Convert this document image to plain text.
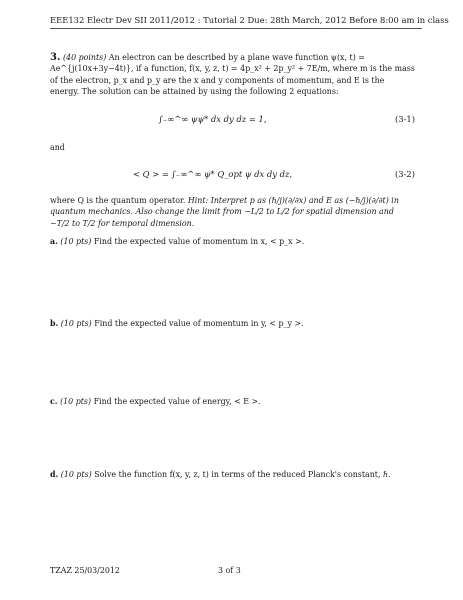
EEE132 Electr Dev SII 2011/2012 : Tutorial 2 Due: 28th March, 2012 Before 8:00 am in class

3. (40 points) An electron can be described by a plane wave function ψ(x, t) = Ae^{j(10x+3y−4t)}, if a function, f(x, y, z, t) = 4p_x² + 2p_y² + 7E/m, where m is the mass of the electron, p_x and p_y are the x and y components of momentum, and E is the energy. The solution can be attained by using the following 2 equations:

∫₋∞^∞ ψψ* dx dy dz = 1,	(3-1)

and

< Q > = ∫₋∞^∞ ψ* Q_opt ψ dx dy dz,	(3-2)

where Q is the quantum operator. Hint: Interpret p as (ℏ/j)(∂/∂x) and E as (−ℏ/j)(∂/∂t) in quantum mechanics. Also change the limit from −L/2 to L/2 for spatial dimension and −T/2 to T/2 for temporal dimension.

a. (10 pts) Find the expected value of momentum in x, < p_x >.
b. (10 pts) Find the expected value of momentum in y, < p_y >.
c. (10 pts) Find the expected value of energy, < E >.
d. (10 pts) Solve the function f(x, y, z, t) in terms of the reduced Planck's constant, ℏ.
TZAZ 25/03/2012	3 of 3
